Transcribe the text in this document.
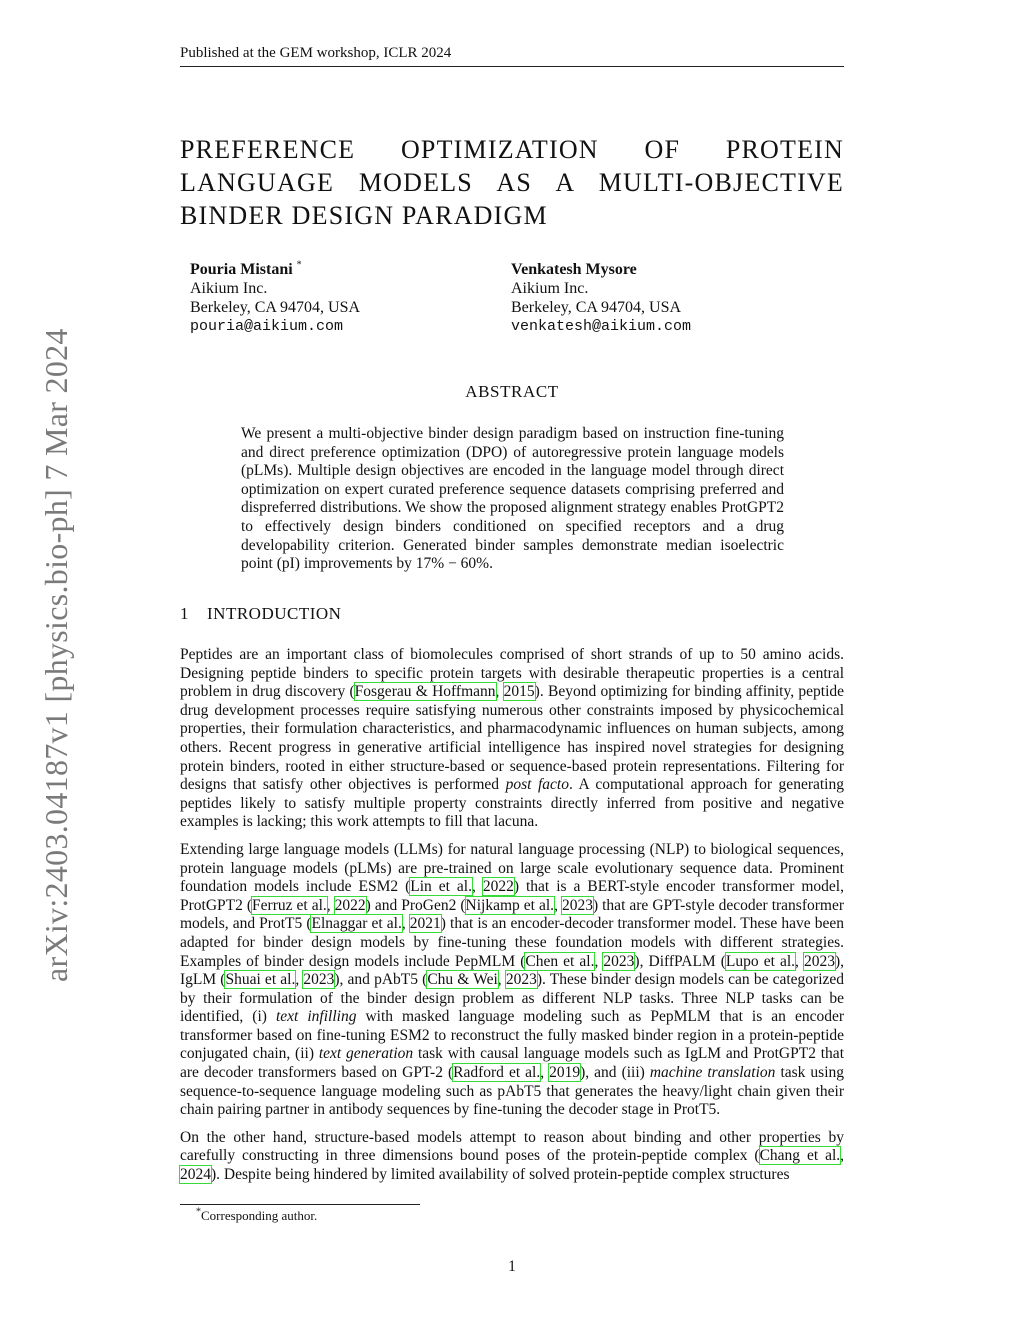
Published at the GEM workshop, ICLR 2024
arXiv:2403.04187v1 [physics.bio-ph] 7 Mar 2024
PREFERENCE OPTIMIZATION OF PROTEIN LANGUAGE MODELS AS A MULTI-OBJECTIVE BINDER DESIGN PARADIGM
Pouria Mistani *
Aikium Inc.
Berkeley, CA 94704, USA
pouria@aikium.com
Venkatesh Mysore
Aikium Inc.
Berkeley, CA 94704, USA
venkatesh@aikium.com
ABSTRACT
We present a multi-objective binder design paradigm based on instruction fine-tuning and direct preference optimization (DPO) of autoregressive protein language models (pLMs). Multiple design objectives are encoded in the language model through direct optimization on expert curated preference sequence datasets comprising preferred and dispreferred distributions. We show the proposed alignment strategy enables ProtGPT2 to effectively design binders conditioned on specified receptors and a drug developability criterion. Generated binder samples demonstrate median isoelectric point (pI) improvements by 17% − 60%.
1 INTRODUCTION

Peptides are an important class of biomolecules comprised of short strands of up to 50 amino acids. Designing peptide binders to specific protein targets with desirable therapeutic properties is a central problem in drug discovery (Fosgerau & Hoffmann, 2015). Beyond optimizing for binding affinity, peptide drug development processes require satisfying numerous other constraints imposed by physicochemical properties, their formulation characteristics, and pharmacodynamic influences on human subjects, among others. Recent progress in generative artificial intelligence has inspired novel strategies for designing protein binders, rooted in either structure-based or sequence-based protein representations. Filtering for designs that satisfy other objectives is performed post facto. A computational approach for generating peptides likely to satisfy multiple property constraints directly inferred from positive and negative examples is lacking; this work attempts to fill that lacuna.

Extending large language models (LLMs) for natural language processing (NLP) to biological sequences, protein language models (pLMs) are pre-trained on large scale evolutionary sequence data. Prominent foundation models include ESM2 (Lin et al., 2022) that is a BERT-style encoder transformer model, ProtGPT2 (Ferruz et al., 2022) and ProGen2 (Nijkamp et al., 2023) that are GPT-style decoder transformer models, and ProtT5 (Elnaggar et al., 2021) that is an encoder-decoder transformer model. These have been adapted for binder design models by fine-tuning these foundation models with different strategies. Examples of binder design models include PepMLM (Chen et al., 2023), DiffPALM (Lupo et al., 2023), IgLM (Shuai et al., 2023), and pAbT5 (Chu & Wei, 2023). These binder design models can be categorized by their formulation of the binder design problem as different NLP tasks. Three NLP tasks can be identified, (i) text infilling with masked language modeling such as PepMLM that is an encoder transformer based on fine-tuning ESM2 to reconstruct the fully masked binder region in a protein-peptide conjugated chain, (ii) text generation task with causal language models such as IgLM and ProtGPT2 that are decoder transformers based on GPT-2 (Radford et al., 2019), and (iii) machine translation task using sequence-to-sequence language modeling such as pAbT5 that generates the heavy/light chain given their chain pairing partner in antibody sequences by fine-tuning the decoder stage in ProtT5.

On the other hand, structure-based models attempt to reason about binding and other properties by carefully constructing in three dimensions bound poses of the protein-peptide complex (Chang et al., 2024). Despite being hindered by limited availability of solved protein-peptide complex structures

*Corresponding author.
1
